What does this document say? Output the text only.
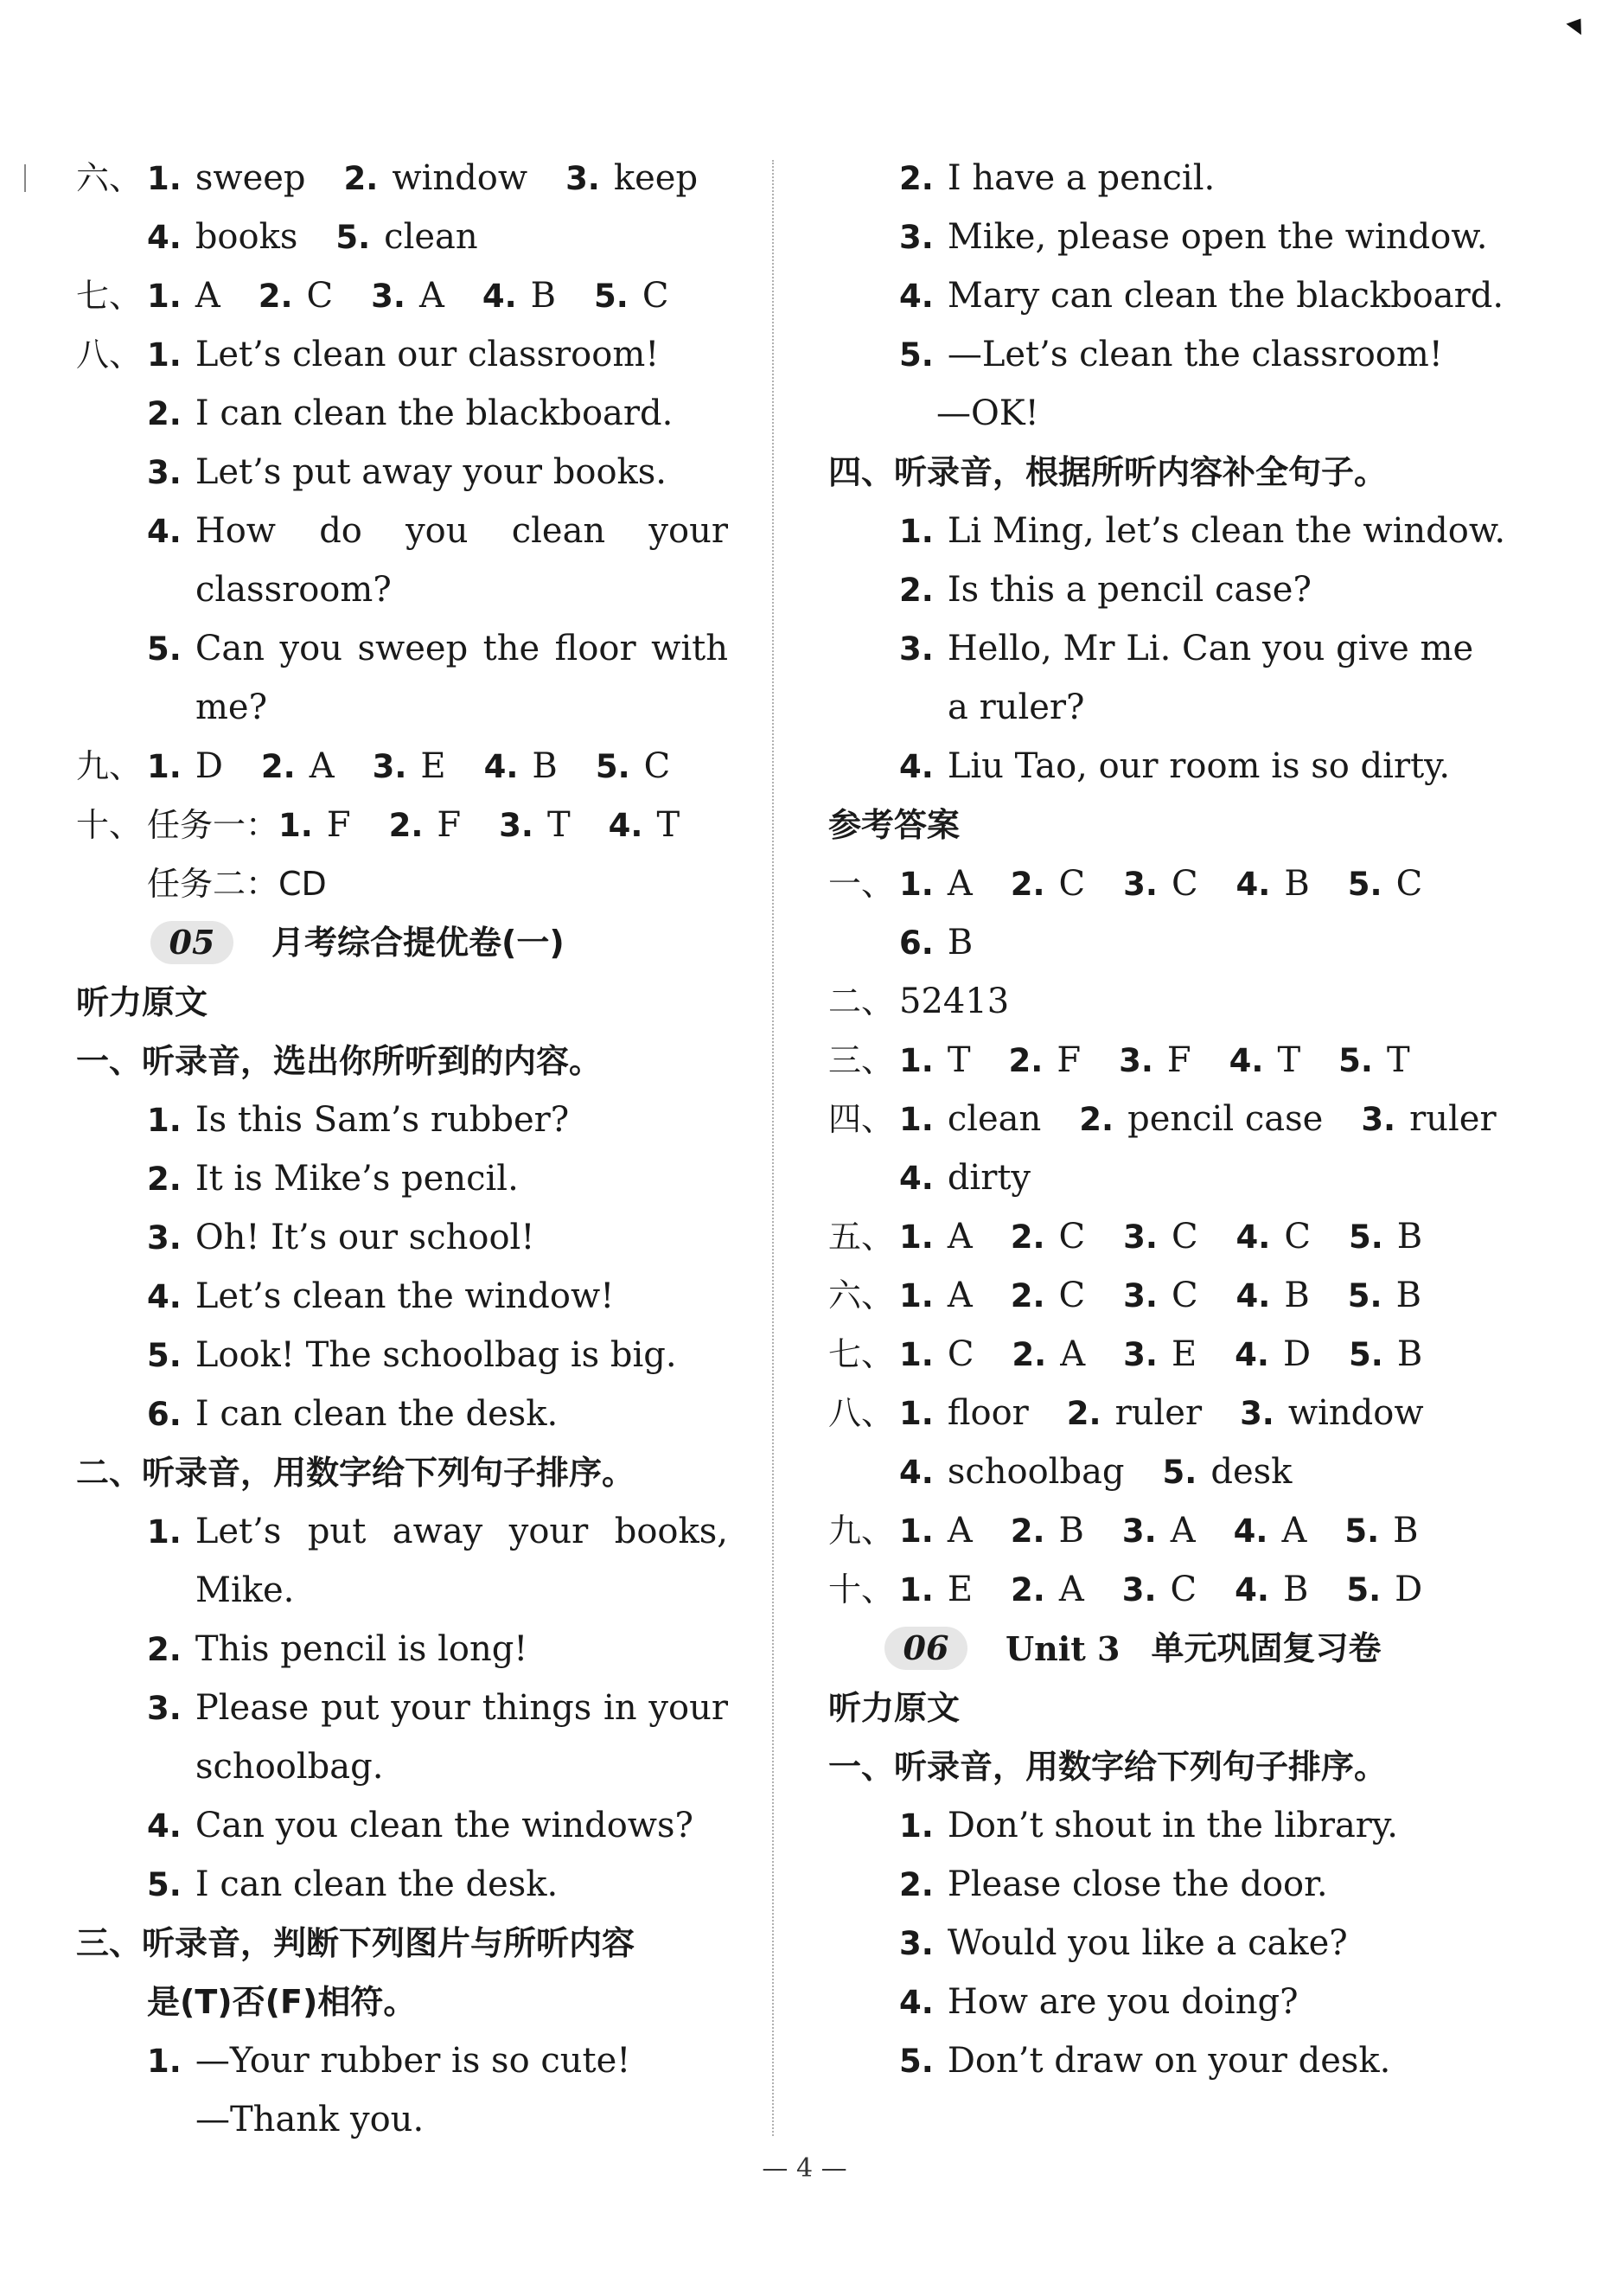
六、 1. sweep 2. window 3. keep
4. books 5. clean
七、 1. A 2. C 3. A 4. B 5. C
八、 1. Let’s clean our classroom!
2. I can clean the blackboard.
3. Let’s put away your books.
4. How do you clean your
classroom?
5. Can you sweep the floor with
me?
九、 1. D 2. A 3. E 4. B 5. C
十、 任务一：1. F 2. F 3. T 4. T
任务二：CD
05 月考综合提优卷(一)
听力原文
一、听录音，选出你所听到的内容。
1. Is this Sam’s rubber?
2. It is Mike’s pencil.
3. Oh! It’s our school!
4. Let’s clean the window!
5. Look! The schoolbag is big.
6. I can clean the desk.
二、听录音，用数字给下列句子排序。
1. Let’s put away your books,
Mike.
2. This pencil is long!
3. Please put your things in your
schoolbag.
4. Can you clean the windows?
5. I can clean the desk.
三、听录音，判断下列图片与所听内容
是(T)否(F)相符。
1. —Your rubber is so cute!
—Thank you.
2. I have a pencil.
3. Mike, please open the window.
4. Mary can clean the blackboard.
5. —Let’s clean the classroom!
—OK!
四、听录音，根据所听内容补全句子。
1. Li Ming, let’s clean the window.
2. Is this a pencil case?
3. Hello, Mr Li. Can you give me
a ruler?
4. Liu Tao, our room is so dirty.
参考答案
一、 1. A 2. C 3. C 4. B 5. C
6. B
二、 52413
三、 1. T 2. F 3. F 4. T 5. T
四、 1. clean 2. pencil case 3. ruler
4. dirty
五、 1. A 2. C 3. C 4. C 5. B
六、 1. A 2. C 3. C 4. B 5. B
七、 1. C 2. A 3. E 4. D 5. B
八、 1. floor 2. ruler 3. window
4. schoolbag 5. desk
九、 1. A 2. B 3. A 4. A 5. B
十、 1. E 2. A 3. C 4. B 5. D
06 Unit 3 单元巩固复习卷
听力原文
一、听录音，用数字给下列句子排序。
1. Don’t shout in the library.
2. Please close the door.
3. Would you like a cake?
4. How are you doing?
5. Don’t draw on your desk.
— 4 —
